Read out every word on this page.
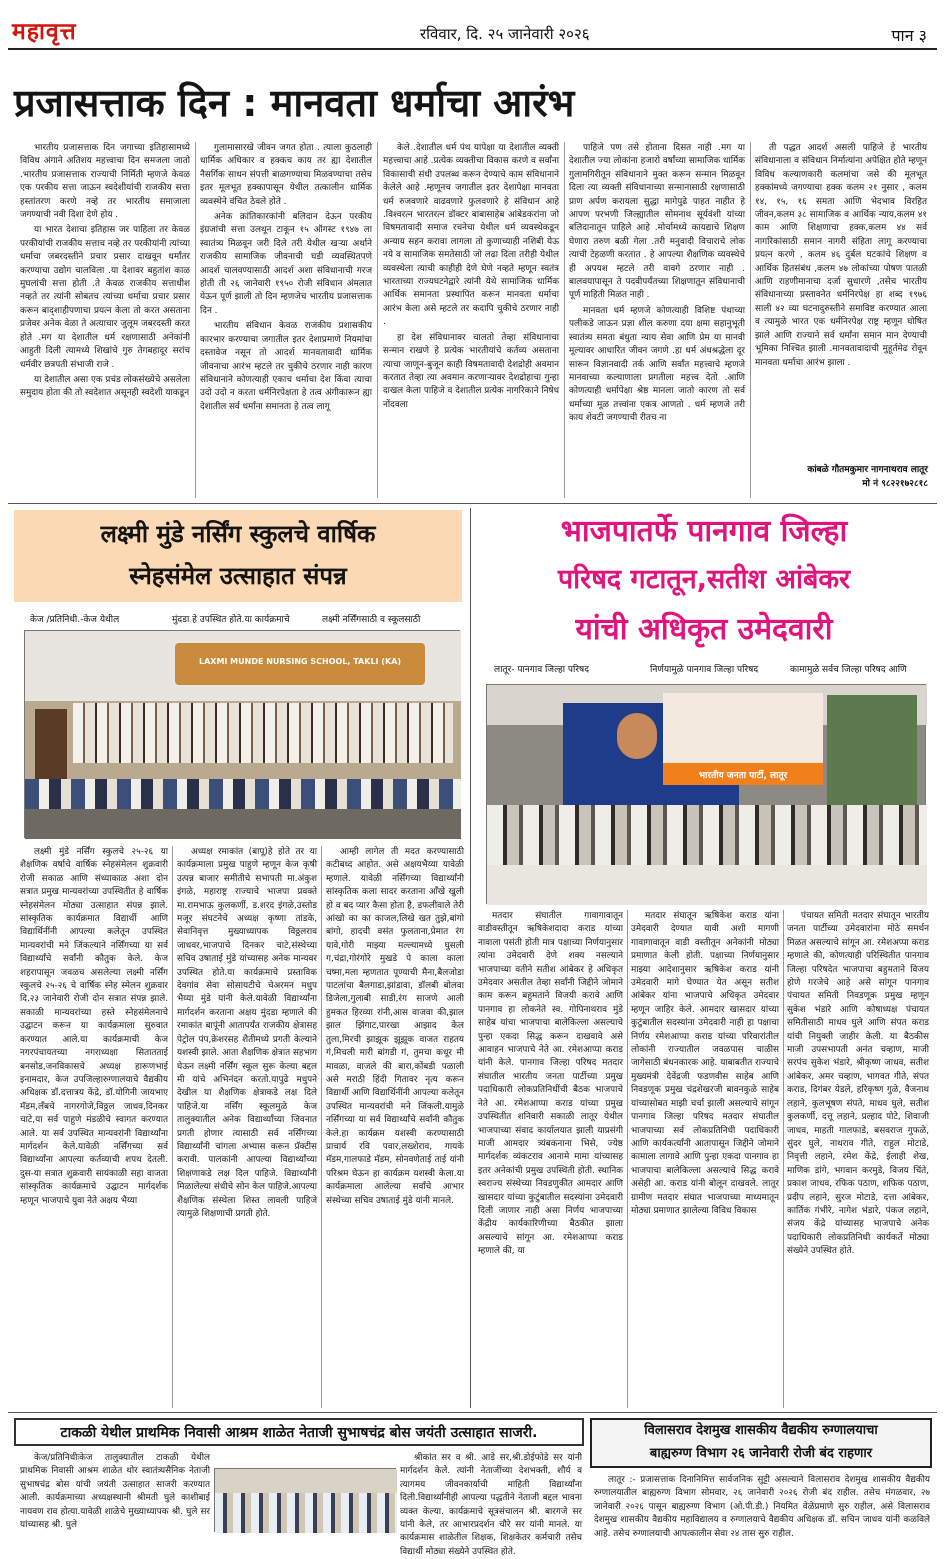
महावृत्त	रविवार, दि. २५ जानेवारी २०२६	पान ३
प्रजासत्ताक दिन : मानवता धर्माचा आरंभ

भारतीय प्रजासत्ताक दिन जगाच्या इतिहासामध्ये विविध अंगाने अतिशय महत्त्वाचा दिन समजला जातो .भारतीय प्रजासत्ताक राज्याची निर्मिती म्हणजे केवळ एक परकीय सत्ता जाऊन स्वदेशीयांची राजकीय सत्ता हस्तांतरण करणे नव्हे तर भारतीय समाजाला जगण्याची नवी दिशा देणे होय .

या भारत देशाचा इतिहास जर पाहिला तर केवळ परकीयांची राजकीय सत्ताच नव्हे तर परकीयांनी त्यांच्या धर्माचा जबरदस्तीने प्रचार प्रसार दाखवून धर्मांतर करण्याचा उद्योग चालविला .या देशावर बहुतांश काळ मुघलांची सत्ता होती .ते केवळ राजकीय सत्ताधीश नव्हते तर त्यांनी सोबतच त्यांच्या धर्माचा प्रचार प्रसार करून बाद्शाहीपणाचा प्रयत्न केला तो करत असताना प्रजेवर अनेक वेळा ते अत्याचार जुलूम जबरदस्ती करत होते .मग या देशातील धर्म रक्षणासाठी अनेकांनी आहुती दिली त्यामध्ये शिखांचे गुरु तेगबहादूर सरांच धर्मवीर छत्रपती संभाजी राजे .

या देशातील असा एक प्रचंड लोकसंख्येचे असलेला समुदाय होता की तो स्वदेशात असूनही स्वदेशी याकडून

गुलामासारखे जीवन जगत होता . त्याला कुठलाही धार्मिक अधिकार व हक्कच काय तर ह्या देशातील नैसर्गिक साधन संपत्ती बाळगण्याचा मिळवण्याचा तसेच इतर मूलभूत हक्कापासून येथील तत्कालीन धार्मिक व्यवस्थेने वंचित ठेवले होते .

अनेक क्रांतिकारकांनी बलिदान देऊन परकीय इंग्रजांची सत्ता उलथून टाकून १५ ऑगस्ट १९४७ ला स्वातंत्र्य मिळवून जरी दिले तरी येथील खऱ्या अर्थाने राजकीय सामाजिक जीवनाची घडी व्यवस्थितपणे आदर्श चालवण्यासाठी आदर्श अशा संविधानाची गरज होती ती २६ जानेवारी १९५० रोजी संविधान अंमलात येऊन पूर्ण झाली तो दिन म्हणजेच भारतीय प्रजासत्ताक दिन .

भारतीय संविधान केवळ राजकीय प्रशासकीय कारभार करण्याचा जगातील इतर देशाप्रमाणे नियमांचा दस्तावेज नसून तो आदर्श मानवतावादी धार्मिक जीवनाचा आरंभ म्हटले तर चुकीचे ठरणार नाही कारण संविधानाने कोणत्याही एकाच धर्माचा देश किंवा त्याचा उदो उदो न करता धर्मनिरपेक्षता हे तत्व अंगीकारून ह्या देशातील सर्व धर्मांना समानता हे तत्व लागू

केले .देशातील धर्म पंथ यापेक्षा या देशातील व्यक्ती महत्त्वाचा आहे .प्रत्येक व्यक्तीचा विकास करणे व सर्वांना विकासाची संधी उपलब्ध करून देण्याचे काम संविधानाने केलेले आहे .म्हणूनच जगातील इतर देशापेक्षा मानवता धर्म रुजवणारे वाढवणारे फुलवणारे हे संविधान आहे .विश्वरत्न भारतरत्न डॉक्टर बाबासाहेब आंबेडकरांना जो विषमतावादी समाज रचनेचा येथील धर्म व्यवस्थेकडून अन्याय सहन करावा लागला तो कुणाच्याही नशिबी येऊ नये व सामाजिक समतेसाठी जो लढा दिला तरीही येथील व्यवस्थेला त्याची काहीही देणे घेणे नव्हते म्हणून स्वतंत्र भारताच्या राज्यघटनेद्वारे त्यांनी येथे सामाजिक धार्मिक आर्थिक समानता प्रस्थापित करून मानवता धर्माचा आरंभ केला असे म्हटले तर कदापि चुकीचे ठरणार नाही .

हा देश संविधानावर चालतो तेव्हा संविधानाचा सन्मान राखणे हे प्रत्येक भारतीयांचे कर्तव्य असताना त्याचा जाणून-बुजून काही विषमतावादी देशद्रोही अवमान करतात तेव्हा त्या अवमान करणाऱ्यावर देशद्रोहाचा गुन्हा दाखल केला पाहिजे व देशातील प्रत्येक नागरिकाने निषेध नोंदवला

पाहिजे पण तसे होताना दिसत नाही .मग या देशातील ज्या लोकांना हजारो वर्षांच्या सामाजिक धार्मिक गुलामगिरीतून संविधानाने मुक्त करून सन्मान मिळवून दिला त्या व्यक्ती संविधानाच्या सन्मानासाठी रक्षणासाठी प्राण अर्पण करायला सुद्धा मागेपुढे पाहत नाहीत हे आपण परभणी जिल्ह्यातील सोमनाथ सूर्यवंशी यांच्या बलिदानातून पाहिले आहे .मोर्चामध्ये कायद्याचे शिक्षण घेणारा तरुण बळी गेला .तरी मनुवादी विचाराचे लोक त्याची टेहळणी करतात . हे आपल्या शैक्षणिक व्यवस्थेचे ही अपयश म्हटले तरी वावगे ठरणार नाही . बालवयापासून ते पदवीपर्यंतच्या शिक्षणातून संविधानाची पूर्ण माहिती मिळत नाही .

मानवता धर्म म्हणजे कोणत्याही विशिष्ट पंथाच्या पलीकडे जाऊन प्रज्ञा शील करुणा दया क्षमा सहानुभूती स्वातंत्र्य समता बंधुता न्याय सेवा आणि प्रेम या मानवी मूल्यावर आधारित जीवन जगणे .हा धर्म अंधश्रद्धेला दूर सारून विज्ञानवादी तर्क आणि सर्वांत महत्त्वाचे म्हणजे मानवाच्या कल्याणाला प्रगतीला महत्त्व देतो .आणि कोणत्याही धर्मापेक्षा श्रेष्ठ मानला जातो कारण तो सर्व धर्माच्या मूळ तत्त्वांना एकत्र आणतो . धर्म म्हणजे तरी काय शेवटी जगण्याची रीतच ना

ती पद्धत आदर्श असली पाहिजे हे भारतीय संविधानाला व संविधान निर्मात्यांना अपेक्षित होते म्हणून विविध कल्याणकारी कलमांचा जसे की मूलभूत हक्कांमध्ये जगण्याचा हक्क कलम २१ नुसार , कलम १४, १५, १६ समता आणि भेदभाव विरहित जीवन,कलम ३८ सामाजिक व आर्थिक न्याय,कलम ४१ काम आणि शिक्षणाचा हक्क,कलम ४४ सर्व नागरिकांसाठी समान नागरी संहिता लागू करण्याचा प्रयत्न करणे , कलम ४६ दुर्बल घटकांचे शिक्षण व आर्थिक हितसंबंध ,कलम ४७ लोकांच्या पोषण पातळी आणि राहणीमानाचा दर्जा सुधारणे ,तसेच भारतीय संविधानाच्या प्रस्तावनेत धर्मनिरपेक्ष हा शब्द १९७६ साली ४२ व्या घटनादुरुस्तीने समाविष्ट करण्यात आला व त्यामुळे भारत एक धर्मनिरपेक्ष राष्ट्र म्हणून घोषित झाले आणि राज्याने सर्व धर्मांना समान मान देण्याची भूमिका निश्चित झाली .मानवतावादाची मुहूर्तमेढ रोवून मानवता धर्माचा आरंभ झाला .

कांबळे गौतमकुमार नागनाथराव लातूर
मो नं ९८२२१७२८१८
लक्ष्मी मुंडे नर्सिंग स्कुलचे वार्षिक
स्नेहसंमेल उत्साहात संपन्न
केज /प्रतिनिधी.-केज येथील	मुंदडा हे उपस्थित होते.या कार्यक्रमाचे	लक्ष्मी नर्सिंगसाठी व स्कूलसाठी
LAXMI MUNDE NURSING SCHOOL, TAKLI (KA)

लक्ष्मी मुंडे नर्सिंग स्कुलचे २५-२६ या शैक्षणिक वर्षाचे वार्षिक स्नेहसंमेलन शुक्रवारी रोजी सकाळ आणि संध्याकाळ अशा दोन सत्रात प्रमुख मान्यवरांच्या उपस्थितीत हे वार्षिक स्नेहसंमेलन मोठ्या उत्साहात संपन्न झाले. सांस्कृतिक कार्यक्रमात विद्यार्थी आणि विद्यार्थिनींनी आपल्या कलेतून उपस्थित मान्यवरांची मने जिंकल्याने नर्सिंगच्या या सर्व विद्यार्थ्यांचे सर्वांनी कौतुक केले. केज शहरापासून जवळच असलेल्या लक्ष्मी नर्सिंग स्कुलचे २५-२६ चे वार्षिक स्नेह स्मेलन शुक्रवार दि.२३ जानेवारी रोजी दोन सत्रात संपन्न झाले. सकाळी मान्यवरांच्या हस्ते स्नेहसंमेलनाचे उद्घाटन करून या कार्यक्रमाला सुरुवात करण्यात आले.या कार्यक्रमाची केज नगरपंचायतच्या नगराध्यक्षा सितातताई बनसोड,जनविकासचे अध्यक्ष हारूणभाई इनामदार, केज उपजिल्हारुग्णालयाचे वैद्यकीय अधिक्षक डॉ.दत्तात्रय केंद्रे, डॉ.योगिनी जायभाए मॅडम,लँबचे नागरगोजे,विठ्ठल जाधव,दिनकर चाटे,या सर्व पाहुणे मंडळीचे स्वागत करण्यात आले. या सर्व उपस्थित मान्यवरांनी विद्यार्थ्यांना मार्गदर्शन केले.यावेळी नर्सिंगच्या सर्व विद्यार्थ्यांना आपल्या कर्तव्याची शपथ देतली. दुस-या सत्रात शुक्रवारी सायंकाळी सहा वाजता सांस्कृतिक कार्यक्रमाचे उद्घाटन मार्गदर्शक म्हणून भाजपाचे युवा नेते अक्षय भैय्या

अध्यक्ष रमाकांत (बापू)हे होते तर या कार्यक्रमाला प्रमुख पाहुणे म्हणून केज कृषी उत्पन्न बाजार समीतीचे सभापती मा.अंकुश इंगळे, महाराष्ट्र राज्याचे भाजपा प्रवक्ते मा.रामभाऊ कुलकर्णी, ड.शरद इंगळे,उस्तोड मजूर संघटनेचे अध्यक्ष कृष्णा तांडके, सेवानिवृत्त मुख्याध्यापक विठ्ठलराव जाधवर,भाजपाचे दिनकर चाटे,संस्थेच्या सचिव उषाताई मुंडे यांच्यासह अनेक मान्यवर उपस्थित होते.या कार्यक्रमाचे प्रस्ताविक देवगांव सेवा सोसायटीचे चेअरमन मधुप भैय्या मुंडे यांनी केले.यावेळी विद्यार्थ्यांना मार्गदर्शन करताना अक्षय मुंदडा म्हणाले की रमाकांत बापूंनी आतापर्यंत राजकीय क्षेत्रासह पेट्रोल पंप,क्रेशरसह शैतीमध्ये प्रगती केल्याने यशस्वी झाले. आता शैक्षणिक क्षेत्रात सहभाग घेऊन लक्ष्मी नर्सिंग स्कूल सुरू केल्या बद्दल मी यांचे अभिनंदन करतो.यापुढे मधुपने देखील या शैक्षणिक क्षेत्राकडे लक्ष दिले पाहिजे.या नर्सिंग स्कूलमुळे केज तालुक्यातील अनेक विद्यार्थ्यांच्या जिवनात प्रगती होणार त्यासाठी सर्व नर्सिंगच्या विद्यार्थ्यांनी चांगला अभ्यास करून प्रॅक्टीस करावी. पालकांनी आपल्या विद्यार्थ्यांच्या शिक्षणाकडे लक्ष दिल पाहिजे. विद्यार्थ्यांनी मिळालेल्या संधीचे सोन केल पाहिजे.आपल्या शैक्षणिक संस्थेला शिस्त लावली पाहिजे त्यामुळे शिक्षणाची प्रगती होते.

आम्ही लागेल ती मदत करण्यासाठी कटीबध्द आहोत. असे अक्षयभैय्या यावेळी म्हणाले. यावेळी नर्सिंगच्या विद्यार्थ्यांनी सांस्कृतिक कला सादर करताना आँखे खुली हो व बद प्यार कैसा होता है, डफलीवाले तेरी आंखो का का काजल,लिखे खत तुझे,बांगो बांगो, हादची वसंत फुलताना,प्रेमात रंग यावे,गोरी माझ्या मल्ल्यामध्ये घुसली ग,चंद्रा,गोरंगोरे मुखडे पे काला काला चष्मा,मला म्हणतात पूण्याची मैना,बैलजोडा पाटलांचा बैलगाडा,झांडावा, डॉलबी बोलवा डिजेला,गुलाबी साडी,रंग साजणे आली हुमकत हिरव्या रांनी,आस वाजवा की,झाल झाल झिंगाट,पारखा आझाद केल तुला,मिरची झाझूक झूझूक वाजत राहतय गं,मिचली मारी बांगडी गं, तुमचा कधूर मी मावळा, वाजले की बारा,कोंबडी पळाली असे मराठी हिंदी गितावर नृत्य करून विद्यार्थी आणि विद्यार्थिनींनी आपल्या कलेतून उपस्थित मान्यवरांची मने जिंकली.यामुळे नर्सिंगच्या या सर्व विद्यार्थ्यांचे सर्वांनी कौतुक केले.हा कार्यक्रम यशस्वी करण्यासाठी प्राचार्य रवि पवार,लख्शेराव, गायके मॅडम,गालफाडे मॅडम, सोनवणेताई ताई यांनी परिश्रम घेऊन हा कार्यक्रम यशस्वी केला.या कार्यक्रमाला आलेल्या सर्वांचे आभार संस्थेच्या सचिव उषाताई मुंडे यांनी मानले.

भाजपातर्फे पानगाव जिल्हा
परिषद गटातून,सतीश आंबेकर
यांची अधिकृत उमेदवारी
लातूर- पानगाव जिल्हा परिषद	निर्णयामुळे पानगाव जिल्हा परिषद	कामामुळे सर्वच जिल्हा परिषद आणि
भारतीय जनता पार्टी, लातूर

मतदार संघातील गावागावातून वाडीवस्तीतून ऋषिकेशदादा कराड यांच्या नावाला पसंती होती मात्र पक्षाच्या निर्णयानुसार त्यांना उमेदवारी देणे शक्य नसल्याने भाजपाच्या वतीने सतीश आंबेकर हे अधिकृत उमेदवार असतील तेव्हा सर्वांनी जिद्दीने जोमाने काम करून बहुमताने विजयी करावे आणि पानगाव हा लोकनेते स्व. गोपिनाथराव मुंडे साहेब यांचा भाजपाचा बालेकिल्ला असल्याचे पुन्हा एकदा सिद्ध करून दाखवावे असे आवाहन भाजपाचे नेते आ. रमेशआप्पा कराड यांनी केले. पानगाव जिल्हा परिषद मतदार संघातील भारतीय जनता पार्टीच्या प्रमुख पदाधिकारी लोकप्रतिनिधींची बैठक भाजपाचे नेते आ. रमेशआप्पा कराड यांच्या प्रमुख उपस्थितीत शनिवारी सकाळी लातूर येथील भाजपाच्या संवाद कार्यालयात झाली याप्रसंगी माजी आमदार त्र्यंबकनाना भिसे, ज्येष्ठ मार्गदर्शक व्यंकटराव आनामे मामा यांच्यासह इतर अनेकांची प्रमुख उपस्थिती होती. स्थानिक स्वराज्य संस्थेच्या निवडणुकीत आमदार आणि खासदार यांच्या कुटुंबातील सदस्यांना उमेदवारी दिली जाणार नाही असा निर्णय भाजपाच्या केंद्रीय कार्यकारिणीच्या बैठकीत झाला असल्याचे सांगून आ. रमेशआप्पा कराड म्हणाले की, या

मतदार संघातून ऋषिकेश कराड यांना उमेदवारी देण्यात यावी अशी मागणी गावागावातून वाडी वस्तीतून अनेकांनी मोठ्या प्रमाणात केली होती. पक्षाच्या निर्णयानुसार माझ्या आदेशानुसार ऋषिकेश कराड यांनी उमेदवारी मागे घेण्यात येत असून सतीश आंबेकर यांना भाजपाचे अधिकृत उमेदवार म्हणून जाहिर केले. आमदार खासदार यांच्या कुटुंबातील सदस्यांना उमेदवारी नाही हा पक्षाचा निर्णय रमेशआप्पा कराड यांच्या परिवारांतील लोकांनी राज्यातील जवळपास चाळीस जागेसाठी बंधनकारक आहे. याबाबतीत राज्याचे मुख्यमंत्री देवेंद्रजी फडणवीस साहेब आणि निवडणूक प्रमुख चंद्रशेखरजी बावनकुळे साहेब यांच्यासोबत माझी चर्चा झाली असल्याचे सांगून पानगाव जिल्हा परिषद मतदार संघातील भाजपाच्या सर्व लोकप्रतिनिधी पदाधिकारी आणि कार्यकर्त्यांनी आतापासून जिद्दीने जोमाने कामाला लागावे आणि पुन्हा एकदा पानगाव हा भाजपाचा बालेकिल्ला असल्याचे सिद्ध करावे असेही आ. कराड यांनी बोलून दाखवले. लातूर ग्रामीण मतदार संघात भाजपाच्या माध्यमातून मोठ्या प्रमाणात झालेल्या विविध विकास

पंचायत समिती मतदार संघातून भारतीय जनता पार्टीच्या उमेदवारांना मोठे समर्थन मिळत असल्याचे सांगून आ. रमेशअप्पा कराड म्हणाले की, कोणत्याही परिस्थितीत पानगाव जिल्हा परिषदेत भाजपाचा बहुमताने विजय होणे गरजेचे आहे असे सांगून पानगाव पंचायत समिती निवडणूक प्रमुख म्हणून सुकेश भंडारे आणि कोषाध्यक्ष पंचायत समितीसाठी माधव घुले आणि संपत कराड यांची नियुक्ती जाहीर केली. या बैठकीस माजी उपसभापती अनंत चव्हाण, माजी सरपंच सुकेश भंडारे, श्रीकृष्ण जाधव, सतीश आंबेकर, अमर चव्हाण, भागवत गीते, संपत कराड, दिगंबर येडले, हरिकृष्ण गुळे, वैजनाथ लहाने, कुलभूषण संपते, माधव घुले, सतीश कुलकर्णी, दत्तू लहाने, प्रल्हाद पोटे, शिवाजी जाधव, माहती गालफाडे, बसवराज गुफळे, सुंदर घुले, नाथराव गीते, राहुल मोटाडे, निवृत्ती लहाने, रमेश केंद्रे, ईलाही शेख, माणिक डांगे, भगवान करमुडे, विजय चिंते, प्रकाश जाधव, रफिक पठाण, शफिक पठाण, प्रदीप लहाने, सुरज मोटाडे, दत्ता आंबेकर, कार्तिक गंभीरे, नागेश भंडारे, पंकज लहाने, संजय केंद्रे यांच्यासह भाजपाचे अनेक पदाधिकारी लोकप्रतिनिधी कार्यकर्ते मोठ्या संख्येने उपस्थित होते.

टाकळी येथील प्राथमिक निवासी आश्रम शाळेत नेताजी सुभाषचंद्र बोस जयंती उत्साहात साजरी.

केज/प्रतिनिधीःकेज तालुक्यातील टाकळी येथील प्राथमिक निवासी आश्रम शाळेत थोर स्वातंत्र्यसैनिक नेताजी सुभाषचंद्र बोस यांची जयंती उत्साहात साजरी करण्यात आली. कार्यक्रमाच्या अध्यक्षस्थानी श्रीमती घुले काशीबाई नायवण राव होत्या.यावेळी शाळेचे मुख्याध्यापक श्री. घुले सर यांच्यासह श्री. घुले

श्रीकांत सर व श्री. आडे सर,श्री.डोईफोडे सर यांनी मार्गदर्शन केले. त्यांनी नेताजींच्या देशभक्ती, शौर्य व त्यागमय जीवनकार्याची माहिती विद्यार्थ्यांना दिली.विद्यार्थ्यांनीही आपल्या पद्धतीने नेताजी बद्दल भावना व्यक्त केल्या. कार्यक्रमाचे सूत्रसंचालन श्री. बारगजे सर यांनी केले, तर आभारप्रदर्शन चौरे सर यांनी मानले. या कार्यक्रमास शाळेतील शिक्षक, शिक्षकेतर कर्मचारी तसेच विद्यार्थी मोठ्या संख्येने उपस्थित होते.

विलासराव देशमुख शासकीय वैद्यकीय रुग्णालयाचा
बाह्यरुग्ण विभाग २६ जानेवारी रोजी बंद राहणार

लातूर :- प्रजासत्ताक दिनानिमित्त सार्वजनिक सुट्टी असल्याने विलासराव देशमुख शासकीय वैद्यकीय रुग्णालयातील बाह्यरुग्ण विभाग सोमवार, २६ जानेवारी २०२६ रोजी बंद राहील. तसेच मंगळवार, २७ जानेवारी २०२६ पासून बाह्यरुग्ण विभाग (ओ.पी.डी.) नियमित वेळेप्रमाणे सुरु राहील, असे विलासराव देशमुख शासकीय वैद्यकीय महाविद्यालय व रुग्णालयाचे वैद्यकीय अधिक्षक डॉ. सचिन जाधव यांनी कळविले आहे. तसेच रुग्णालयाची आपत्कालीन सेवा २४ तास सुरु राहील.
